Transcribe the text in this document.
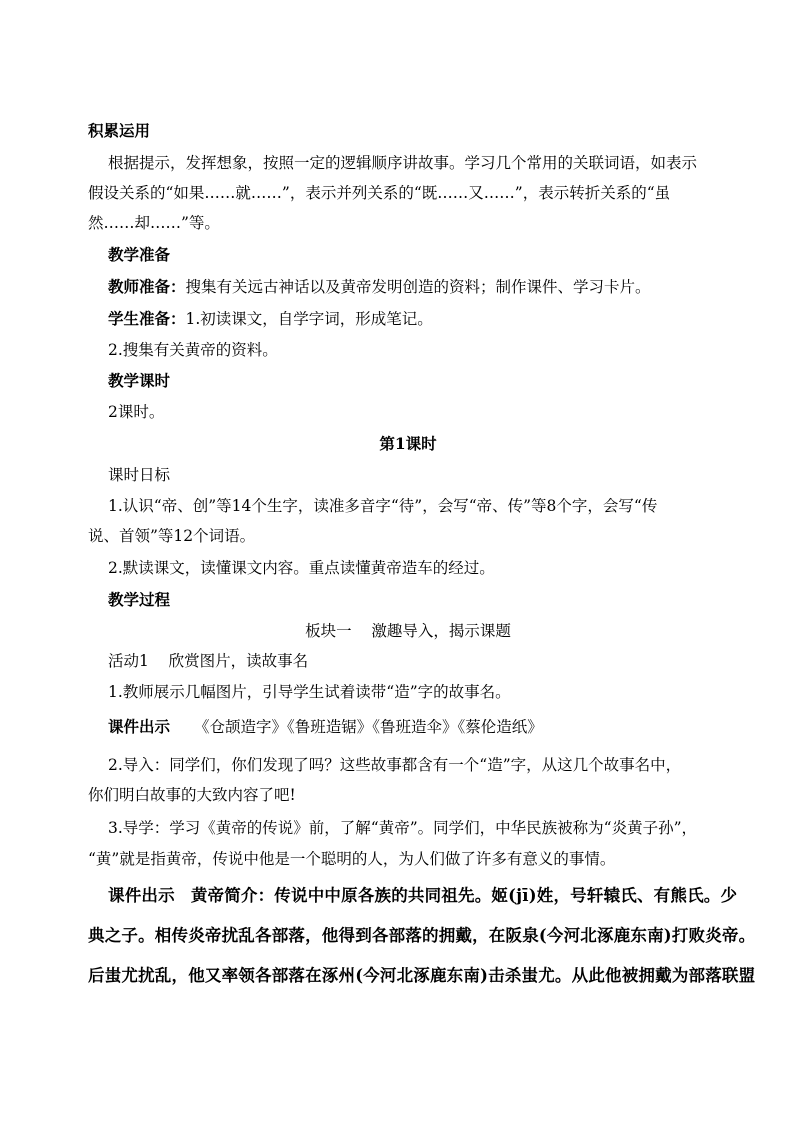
积累运用
根据提示，发挥想象，按照一定的逻辑顺序讲故事。学习几个常用的关联词语，如表示
假设关系的“如果……就……”，表示并列关系的“既……又……”，表示转折关系的“虽
然……却……”等。
教学准备
教师准备：搜集有关远古神话以及黄帝发明创造的资料；制作课件、学习卡片。
学生准备：1.初读课文，自学字词，形成笔记。
2.搜集有关黄帝的资料。
教学课时
2课时。
第1课时
课时日标
1.认识“帝、创”等14个生字，读准多音字“待”，会写“帝、传”等8个字，会写“传
说、首领”等12个词语。
2.默读课文，读懂课文内容。重点读懂黄帝造车的经过。
教学过程
板块一    激趣导入，揭示课题
活动1    欣赏图片，读故事名
1.教师展示几幅图片，引导学生试着读带“造”字的故事名。
课件出示 《仓颉造字》《鲁班造锯》《鲁班造伞》《蔡伦造纸》
2.导入：同学们，你们发现了吗？这些故事都含有一个“造”字，从这几个故事名中，
你们明白故事的大致内容了吧!
3.导学：学习《黄帝的传说》前，了解“黄帝”。同学们，中华民族被称为“炎黄子孙”，
“黄”就是指黄帝，传说中他是一个聪明的人，为人们做了许多有意义的事情。
课件出示 黄帝简介：传说中中原各族的共同祖先。姬(jī)姓，号轩辕氏、有熊氏。少
典之子。相传炎帝扰乱各部落，他得到各部落的拥戴，在阪泉(今河北涿鹿东南)打败炎帝。
后蚩尤扰乱，他又率领各部落在涿州(今河北涿鹿东南)击杀蚩尤。从此他被拥戴为部落联盟
